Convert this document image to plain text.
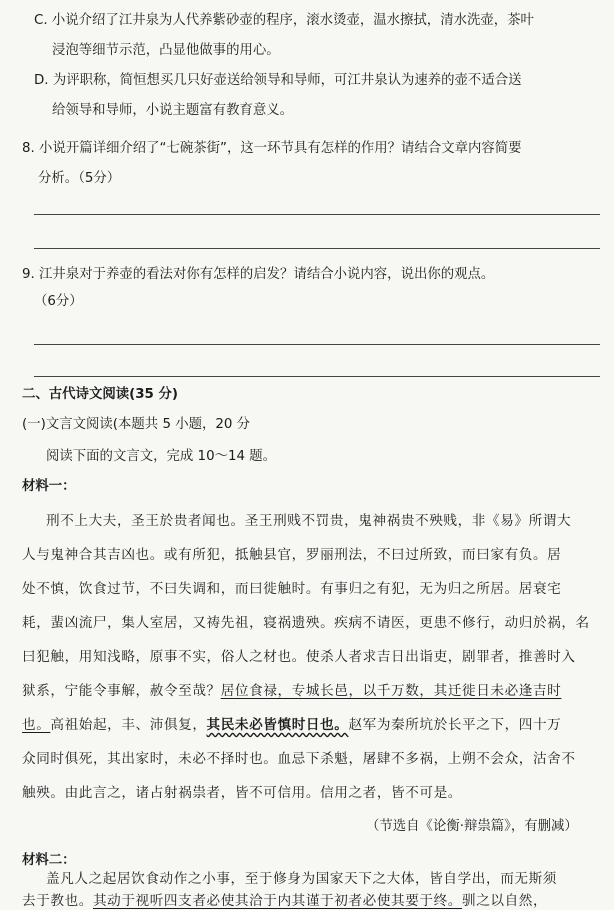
C. 小说介绍了江井泉为人代养紫砂壶的程序，滚水烫壶，温水擦拭，清水洗壶，茶叶
浸泡等细节示范，凸显他做事的用心。
D. 为评职称，简恒想买几只好壶送给领导和导师，可江井泉认为速养的壶不适合送
给领导和导师，小说主题富有教育意义。
8. 小说开篇详细介绍了“七碗茶街”，这一环节具有怎样的作用？请结合文章内容简要
分析。（5分）
9. 江井泉对于养壶的看法对你有怎样的启发？请结合小说内容，说出你的观点。
（6分）
二、古代诗文阅读(35 分)
(一)文言文阅读(本题共 5 小题，20 分
阅读下面的文言文，完成 10～14 题。
材料一：
刑不上大夫，圣王於贵者闻也。圣王刑贱不罚贵，鬼神祸贵不殃贱，非《易》所谓大
人与鬼神合其吉凶也。或有所犯，抵触县官，罗丽刑法，不曰过所致，而曰家有负。居
处不慎，饮食过节，不曰失调和，而曰徙触时。有事归之有犯，无为归之所居。居衰宅
耗，蜚凶流尸，集人室居，又祷先祖，寝祸遗殃。疾病不请医，更患不修行，动归於祸，名
曰犯触，用知浅略，原事不实，俗人之材也。使杀人者求吉日出诣吏，剧罪者，推善时入
狱系，宁能令事解，赦令至哉？居位食禄，专城长邑，以千万数，其迁徙日未必逢吉时
也。高祖始起，丰、沛俱复，其民未必皆慎时日也。赵军为秦所坑於长平之下，四十万
众同时俱死，其出家时，未必不择时也。血忌下杀魁，屠肆不多祸，上朔不会众，沽舍不
触殃。由此言之，诸占射祸祟者，皆不可信用。信用之者，皆不可是。
（节选自《论衡·辩祟篇》，有删减）
材料二：
盖凡人之起居饮食动作之小事，至于修身为国家天下之大体，皆自学出，而无斯须
去于教也。其动于视听四支者必使其洽于内其谨于初者必使其要于终。驯之以自然，
